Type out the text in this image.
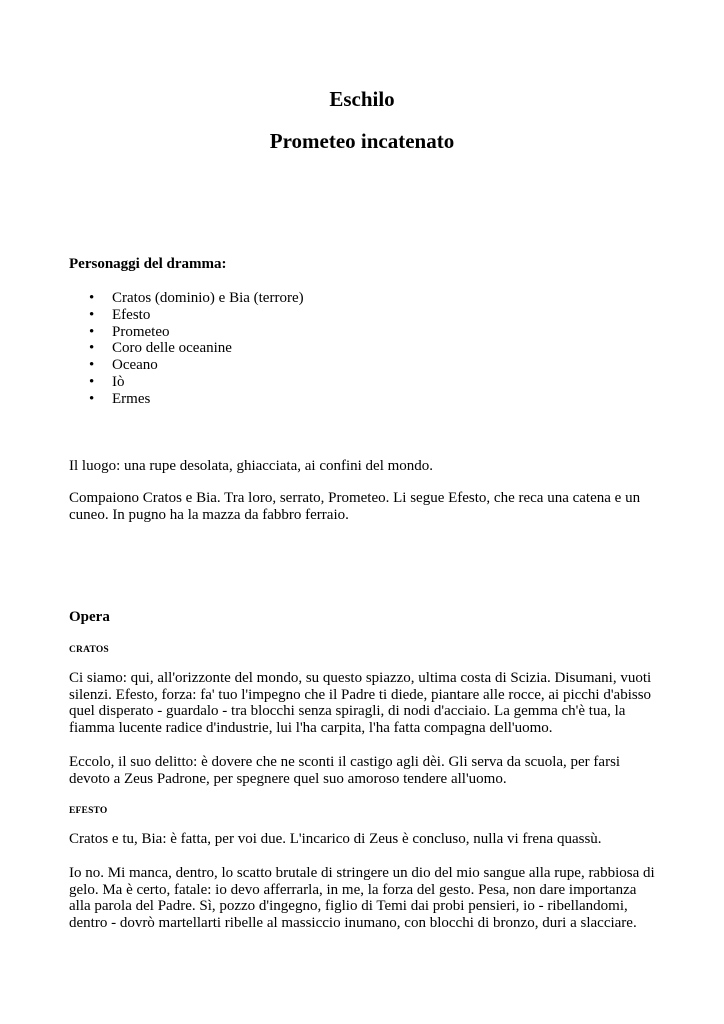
Eschilo
Prometeo incatenato

Personaggi del dramma:

• Cratos (dominio) e Bia (terrore)
• Efesto
• Prometeo
• Coro delle oceanine
• Oceano
• Iò
• Ermes

Il luogo: una rupe desolata, ghiacciata, ai confini del mondo.

Compaiono Cratos e Bia. Tra loro, serrato, Prometeo. Li segue Efesto, che reca una catena e un cuneo. In pugno ha la mazza da fabbro ferraio.

Opera

CRATOS

Ci siamo: qui, all'orizzonte del mondo, su questo spiazzo, ultima costa di Scizia. Disumani, vuoti silenzi. Efesto, forza: fa' tuo l'impegno che il Padre ti diede, piantare alle rocce, ai picchi d'abisso quel disperato - guardalo - tra blocchi senza spiragli, di nodi d'acciaio. La gemma ch'è tua, la fiamma lucente radice d'industrie, lui l'ha carpita, l'ha fatta compagna dell'uomo.

Eccolo, il suo delitto: è dovere che ne sconti il castigo agli dèi. Gli serva da scuola, per farsi devoto a Zeus Padrone, per spegnere quel suo amoroso tendere all'uomo.

EFESTO

Cratos e tu, Bia: è fatta, per voi due. L'incarico di Zeus è concluso, nulla vi frena quassù.

Io no. Mi manca, dentro, lo scatto brutale di stringere un dio del mio sangue alla rupe, rabbiosa di gelo. Ma è certo, fatale: io devo afferrarla, in me, la forza del gesto. Pesa, non dare importanza alla parola del Padre. Sì, pozzo d'ingegno, figlio di Temi dai probi pensieri, io - ribellandomi, dentro - dovrò martellarti ribelle al massiccio inumano, con blocchi di bronzo, duri a slacciare.
